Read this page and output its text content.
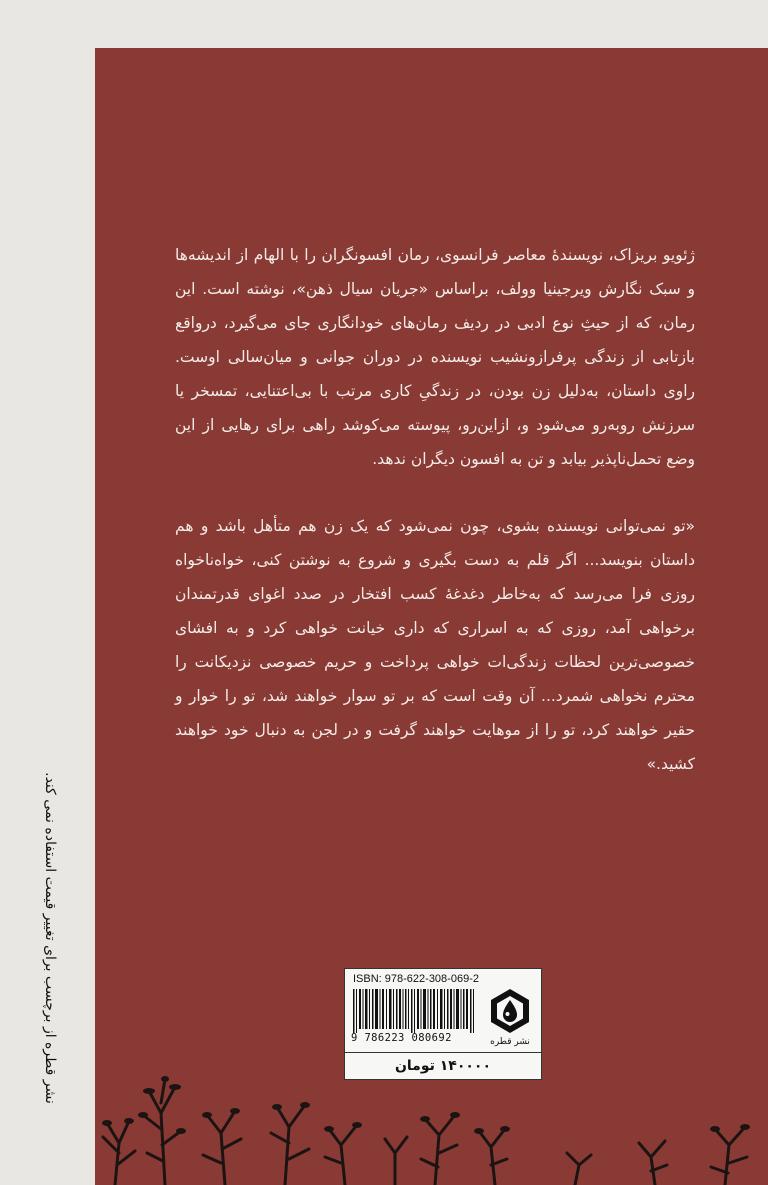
ژئویو بریزاک، نویسندۀ معاصر فرانسوی، رمان افسونگران را با الهام از اندیشه‌ها و سبک نگارش ویرجینیا وولف، براساس «جریان سیال ذهن»، نوشته است. این رمان، که از حیثِ نوع ادبی در ردیف رمان‌های خودانگاری جای می‌گیرد، درواقع بازتابی از زندگی پرفرازونشیب نویسنده در دوران جوانی و میان‌سالی اوست. راوی داستان، به‌دلیل زن بودن، در زندگیِ کاری مرتب با بی‌اعتنایی، تمسخر یا سرزنش روبه‌رو می‌شود و، ازاین‌رو، پیوسته می‌کوشد راهی برای رهایی از این وضع تحمل‌ناپذیر بیابد و تن به افسون دیگران ندهد.

«تو نمی‌توانی نویسنده بشوی، چون نمی‌شود که یک زن هم متأهل باشد و هم داستان بنویسد... اگر قلم به دست بگیری و شروع به نوشتن کنی، خواه‌ناخواه روزی فرا می‌رسد که به‌خاطر دغدغۀ کسب افتخار در صدد اغوای قدرتمندان برخواهی آمد، روزی که به اسراری که داری خیانت خواهی کرد و به افشای خصوصی‌ترین لحظات زندگی‌ات خواهی پرداخت و حریم خصوصی نزدیکانت را محترم نخواهی شمرد... آن وقت است که بر تو سوار خواهند شد، تو را خوار و حقیر خواهند کرد، تو را از موهایت خواهند گرفت و در لجن به دنبال خود خواهند کشید.»

ISBN: 978-622-308-069-2
9 786223 080692	نشر قطره
۱۴۰۰۰۰ تومان
نشر قطره از برچسب برای تغییر قیمت استفاده نمی کند.
